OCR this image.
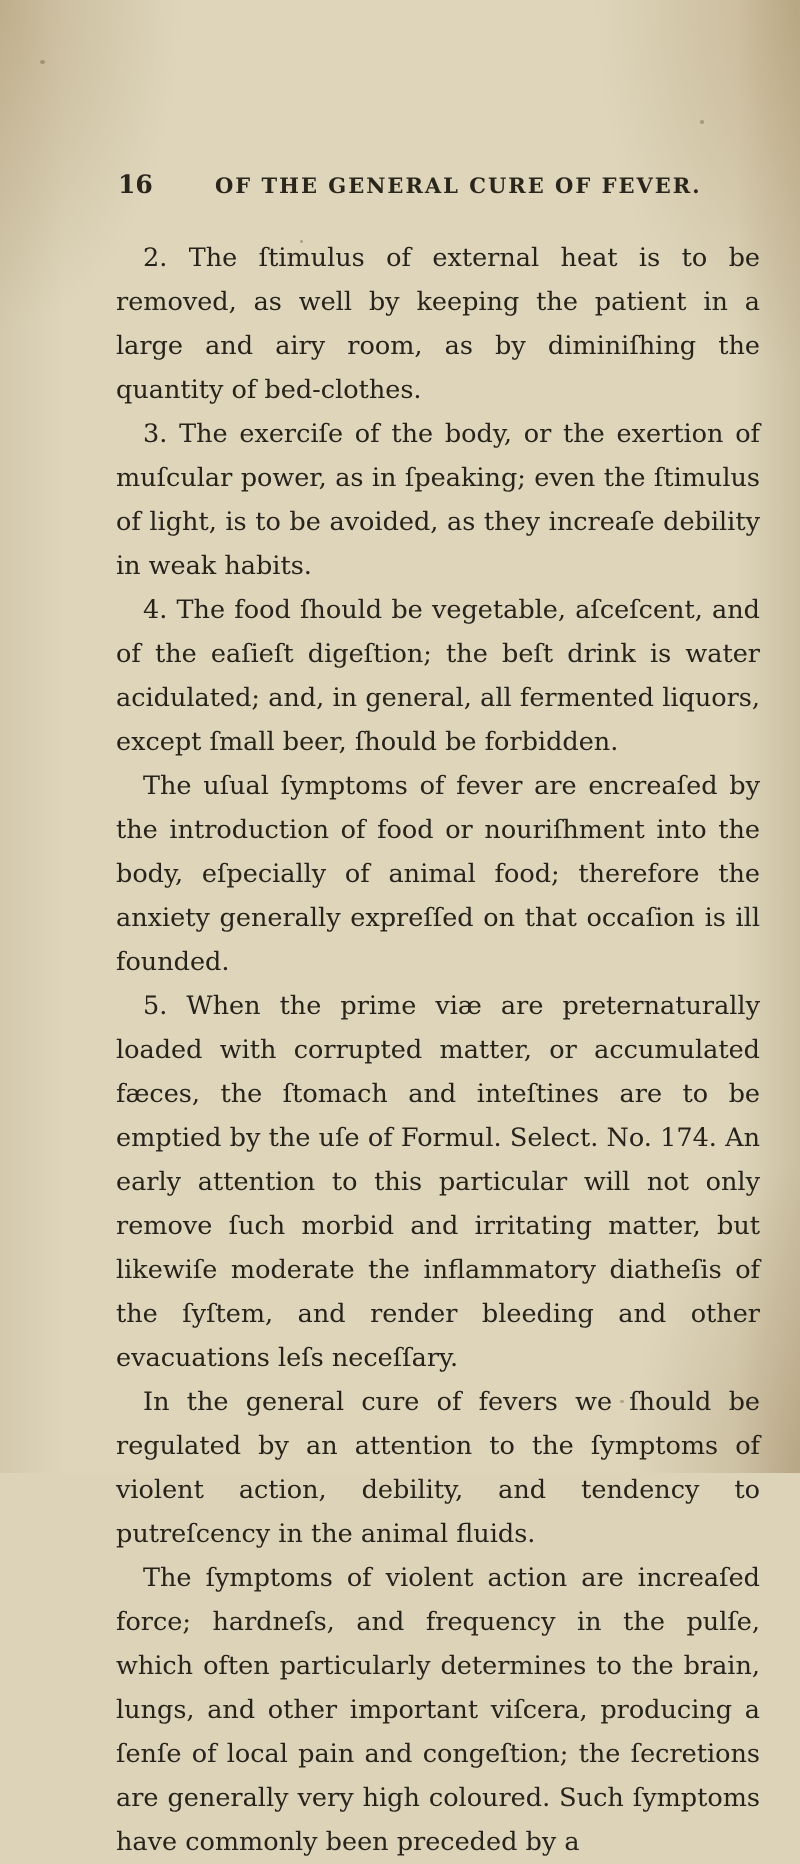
16	OF THE GENERAL CURE OF FEVER.

2. The ſtimulus of external heat is to be removed, as well by keeping the patient in a large and airy room, as by diminiſhing the quantity of bed-clothes.

3. The exerciſe of the body, or the exertion of muſcular power, as in ſpeaking; even the ſtimulus of light, is to be avoided, as they increaſe debility in weak habits.

4. The food ſhould be vegetable, aſceſcent, and of the eaſieſt digeſtion; the beſt drink is water acidulated; and, in general, all fermented liquors, except ſmall beer, ſhould be forbidden.

The uſual ſymptoms of fever are encreaſed by the introduction of food or nouriſhment into the body, eſpecially of animal food; therefore the anxiety generally expreſſed on that occaſion is ill founded.

5. When the prime viæ are preternaturally loaded with corrupted matter, or accumulated fæces, the ſtomach and inteſtines are to be emptied by the uſe of Formul. Select. No. 174. An early attention to this particular will not only remove ſuch morbid and irritating matter, but likewiſe moderate the inflammatory diatheſis of the ſyſtem, and render bleeding and other evacuations leſs neceſſary.

In the general cure of fevers we ſhould be regulated by an attention to the ſymptoms of violent action, debility, and tendency to putreſcency in the animal fluids.

The ſymptoms of violent action are increaſed force; hardneſs, and frequency in the pulſe, which often particularly determines to the brain, lungs, and other important viſcera, producing a ſenſe of local pain and congeſtion; the ſecretions are generally very high coloured. Such ſymptoms have commonly been preceded by a
